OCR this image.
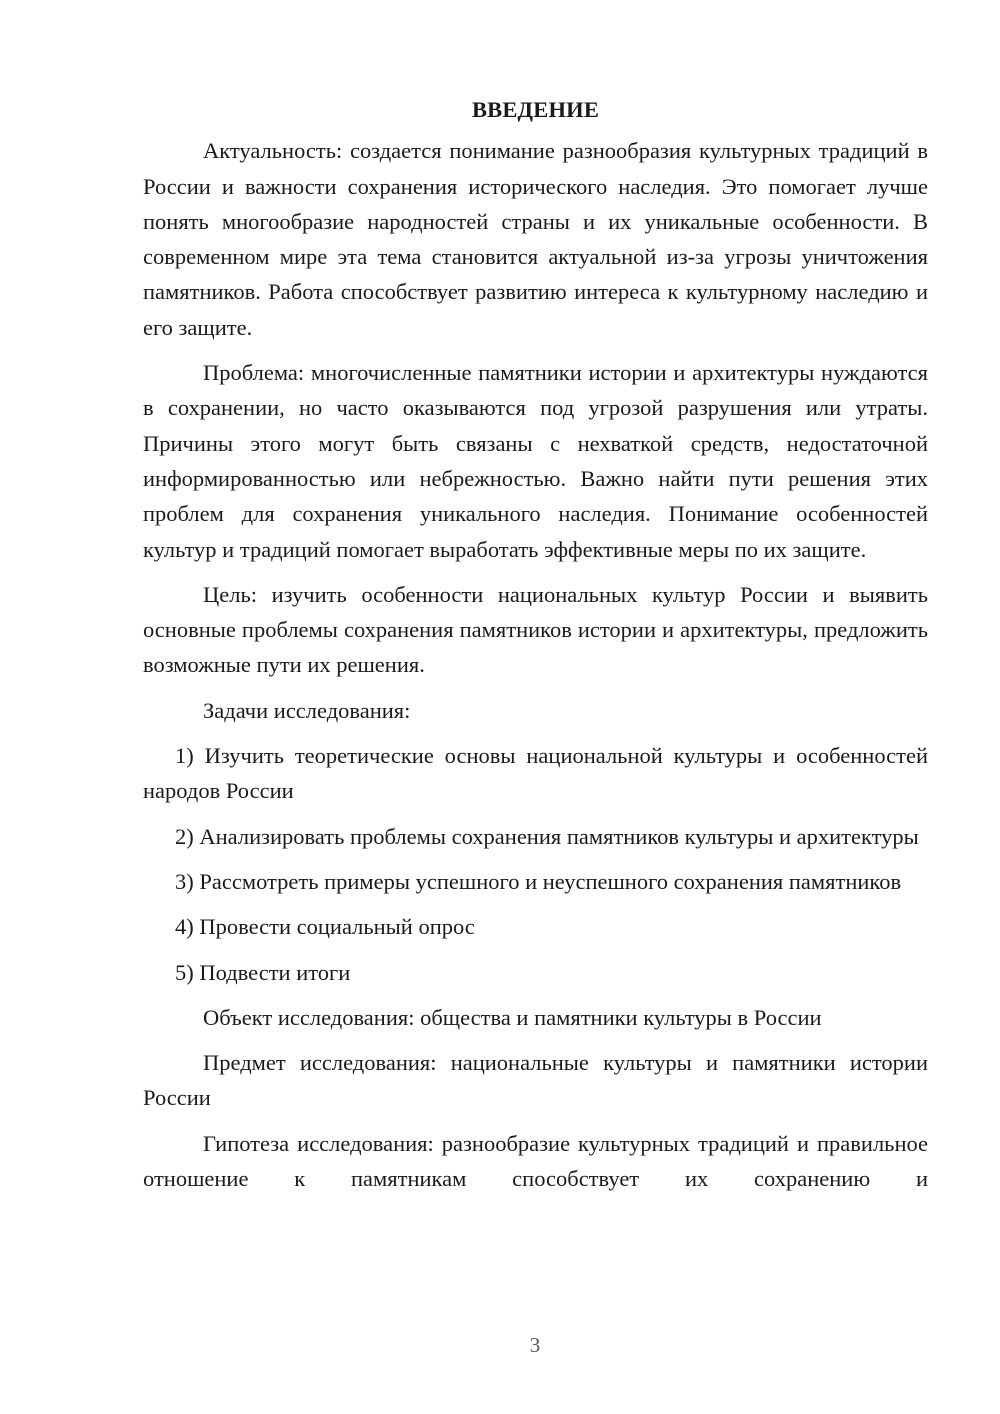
ВВЕДЕНИЕ

Актуальность: создается понимание разнообразия культурных традиций в России и важности сохранения исторического наследия. Это помогает лучше понять многообразие народностей страны и их уникальные особенности. В современном мире эта тема становится актуальной из-за угрозы уничтожения памятников. Работа способствует развитию интереса к культурному наследию и его защите.

Проблема: многочисленные памятники истории и архитектуры нуждаются в сохранении, но часто оказываются под угрозой разрушения или утраты. Причины этого могут быть связаны с нехваткой средств, недостаточной информированностью или небрежностью. Важно найти пути решения этих проблем для сохранения уникального наследия. Понимание особенностей культур и традиций помогает выработать эффективные меры по их защите.

Цель: изучить особенности национальных культур России и выявить основные проблемы сохранения памятников истории и архитектуры, предложить возможные пути их решения.

Задачи исследования:

1) Изучить теоретические основы национальной культуры и особенностей народов России

2) Анализировать проблемы сохранения памятников культуры и архитектуры

3) Рассмотреть примеры успешного и неуспешного сохранения памятников

4) Провести социальный опрос

5) Подвести итоги

Объект исследования: общества и памятники культуры в России

Предмет исследования: национальные культуры и памятники истории России

Гипотеза исследования: разнообразие культурных традиций и правильное отношение к памятникам способствует их сохранению и

3
